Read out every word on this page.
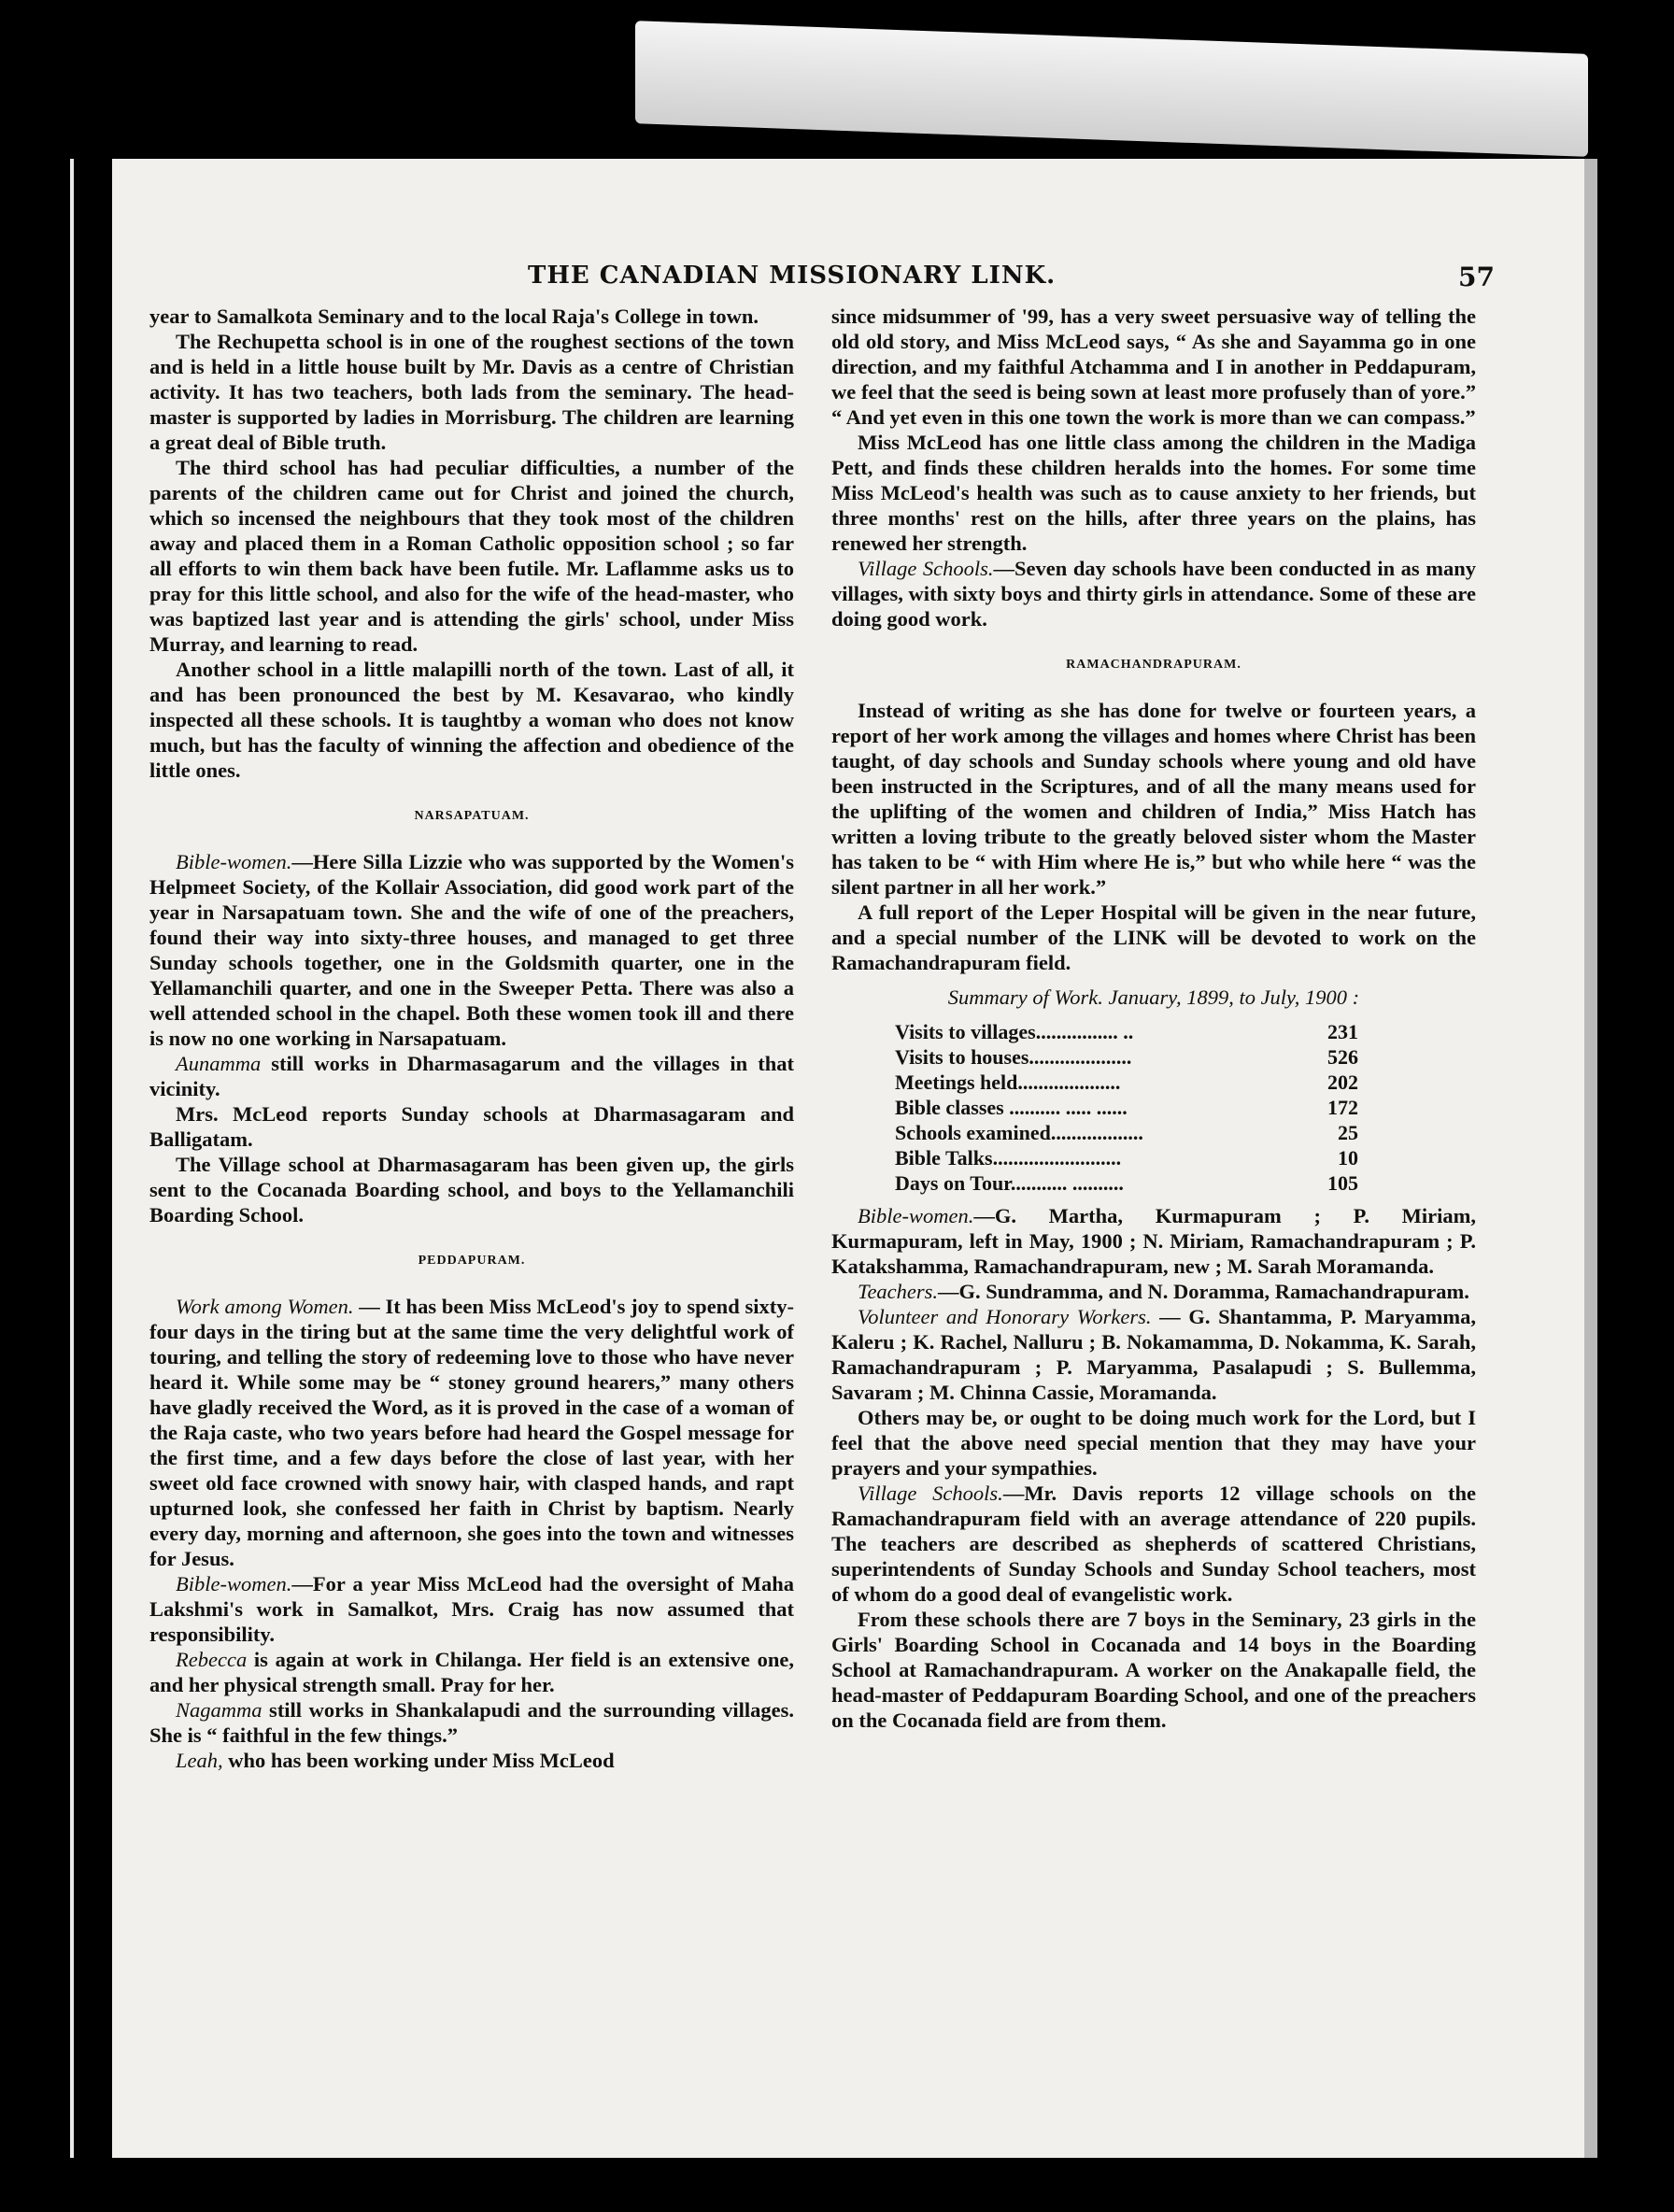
THE CANADIAN MISSIONARY LINK.	57

year to Samalkota Seminary and to the local Raja's College in town.

The Rechupetta school is in one of the roughest sections of the town and is held in a little house built by Mr. Davis as a centre of Christian activity. It has two teachers, both lads from the seminary. The head-master is supported by ladies in Morrisburg. The children are learning a great deal of Bible truth.

The third school has had peculiar difficulties, a number of the parents of the children came out for Christ and joined the church, which so incensed the neighbours that they took most of the children away and placed them in a Roman Catholic opposition school ; so far all efforts to win them back have been futile. Mr. Laflamme asks us to pray for this little school, and also for the wife of the head-master, who was baptized last year and is attending the girls' school, under Miss Murray, and learning to read.

Another school in a little malapilli north of the town. Last of all, it and has been pronounced the best by M. Kesavarao, who kindly inspected all these schools. It is taughtby a woman who does not know much, but has the faculty of winning the affection and obedience of the little ones.

NARSAPATUAM.

Bible-women.—Here Silla Lizzie who was supported by the Women's Helpmeet Society, of the Kollair Association, did good work part of the year in Narsapatuam town. She and the wife of one of the preachers, found their way into sixty-three houses, and managed to get three Sunday schools together, one in the Goldsmith quarter, one in the Yellamanchili quarter, and one in the Sweeper Petta. There was also a well attended school in the chapel. Both these women took ill and there is now no one working in Narsapatuam.

Aunamma still works in Dharmasagarum and the villages in that vicinity.

Mrs. McLeod reports Sunday schools at Dharmasagaram and Balligatam.

The Village school at Dharmasagaram has been given up, the girls sent to the Cocanada Boarding school, and boys to the Yellamanchili Boarding School.

PEDDAPURAM.

Work among Women. — It has been Miss McLeod's joy to spend sixty-four days in the tiring but at the same time the very delightful work of touring, and telling the story of redeeming love to those who have never heard it. While some may be “ stoney ground hearers,” many others have gladly received the Word, as it is proved in the case of a woman of the Raja caste, who two years before had heard the Gospel message for the first time, and a few days before the close of last year, with her sweet old face crowned with snowy hair, with clasped hands, and rapt upturned look, she confessed her faith in Christ by baptism. Nearly every day, morning and afternoon, she goes into the town and witnesses for Jesus.

Bible-women.—For a year Miss McLeod had the oversight of Maha Lakshmi's work in Samalkot, Mrs. Craig has now assumed that responsibility.

Rebecca is again at work in Chilanga. Her field is an extensive one, and her physical strength small. Pray for her.

Nagamma still works in Shankalapudi and the surrounding villages. She is “ faithful in the few things.”

Leah, who has been working under Miss McLeod

since midsummer of '99, has a very sweet persuasive way of telling the old old story, and Miss McLeod says, “ As she and Sayamma go in one direction, and my faithful Atchamma and I in another in Peddapuram, we feel that the seed is being sown at least more profusely than of yore.” “ And yet even in this one town the work is more than we can compass.”

Miss McLeod has one little class among the children in the Madiga Pett, and finds these children heralds into the homes. For some time Miss McLeod's health was such as to cause anxiety to her friends, but three months' rest on the hills, after three years on the plains, has renewed her strength.

Village Schools.—Seven day schools have been conducted in as many villages, with sixty boys and thirty girls in attendance. Some of these are doing good work.

RAMACHANDRAPURAM.

Instead of writing as she has done for twelve or fourteen years, a report of her work among the villages and homes where Christ has been taught, of day schools and Sunday schools where young and old have been instructed in the Scriptures, and of all the many means used for the uplifting of the women and children of India,” Miss Hatch has written a loving tribute to the greatly beloved sister whom the Master has taken to be “ with Him where He is,” but who while here “ was the silent partner in all her work.”

A full report of the Leper Hospital will be given in the near future, and a special number of the LINK will be devoted to work on the Ramachandrapuram field.

Summary of Work. January, 1899, to July, 1900 :
Visits to villages................ ..	231
Visits to houses....................	526
Meetings held....................	202
Bible classes .......... ..... ......	172
Schools examined..................	25
Bible Talks.........................	10
Days on Tour........... ..........	105

Bible-women.—G. Martha, Kurmapuram ; P. Miriam, Kurmapuram, left in May, 1900 ; N. Miriam, Ramachandrapuram ; P. Katakshamma, Ramachandrapuram, new ; M. Sarah Moramanda.

Teachers.—G. Sundramma, and N. Doramma, Ramachandrapuram.

Volunteer and Honorary Workers. — G. Shantamma, P. Maryamma, Kaleru ; K. Rachel, Nalluru ; B. Nokamamma, D. Nokamma, K. Sarah, Ramachandrapuram ; P. Maryamma, Pasalapudi ; S. Bullemma, Savaram ; M. Chinna Cassie, Moramanda.

Others may be, or ought to be doing much work for the Lord, but I feel that the above need special mention that they may have your prayers and your sympathies.

Village Schools.—Mr. Davis reports 12 village schools on the Ramachandrapuram field with an average attendance of 220 pupils. The teachers are described as shepherds of scattered Christians, superintendents of Sunday Schools and Sunday School teachers, most of whom do a good deal of evangelistic work.

From these schools there are 7 boys in the Seminary, 23 girls in the Girls' Boarding School in Cocanada and 14 boys in the Boarding School at Ramachandrapuram. A worker on the Anakapalle field, the head-master of Peddapuram Boarding School, and one of the preachers on the Cocanada field are from them.
